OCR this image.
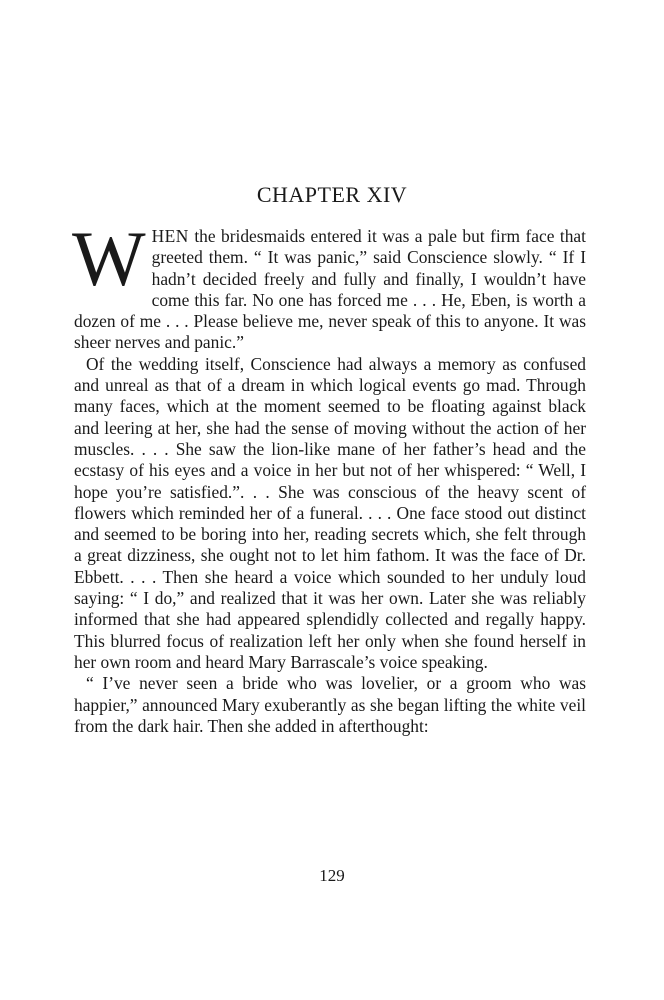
CHAPTER XIV

WHEN the bridesmaids entered it was a pale but firm face that greeted them. “ It was panic,” said Conscience slowly. “ If I hadn’t decided freely and fully and finally, I wouldn’t have come this far. No one has forced me . . . He, Eben, is worth a dozen of me . . . Please believe me, never speak of this to anyone. It was sheer nerves and panic.”

Of the wedding itself, Conscience had always a memory as confused and unreal as that of a dream in which logical events go mad. Through many faces, which at the moment seemed to be floating against black and leering at her, she had the sense of moving without the action of her muscles. . . . She saw the lion-like mane of her father’s head and the ecstasy of his eyes and a voice in her but not of her whispered: “ Well, I hope you’re satisfied.”. . . She was conscious of the heavy scent of flowers which reminded her of a funeral. . . . One face stood out distinct and seemed to be boring into her, reading secrets which, she felt through a great dizziness, she ought not to let him fathom. It was the face of Dr. Ebbett. . . . Then she heard a voice which sounded to her unduly loud saying: “ I do,” and realized that it was her own. Later she was reliably informed that she had appeared splendidly collected and regally happy. This blurred focus of realization left her only when she found herself in her own room and heard Mary Barrascale’s voice speaking.

“ I’ve never seen a bride who was lovelier, or a groom who was happier,” announced Mary exuberantly as she began lifting the white veil from the dark hair. Then she added in afterthought:

129
